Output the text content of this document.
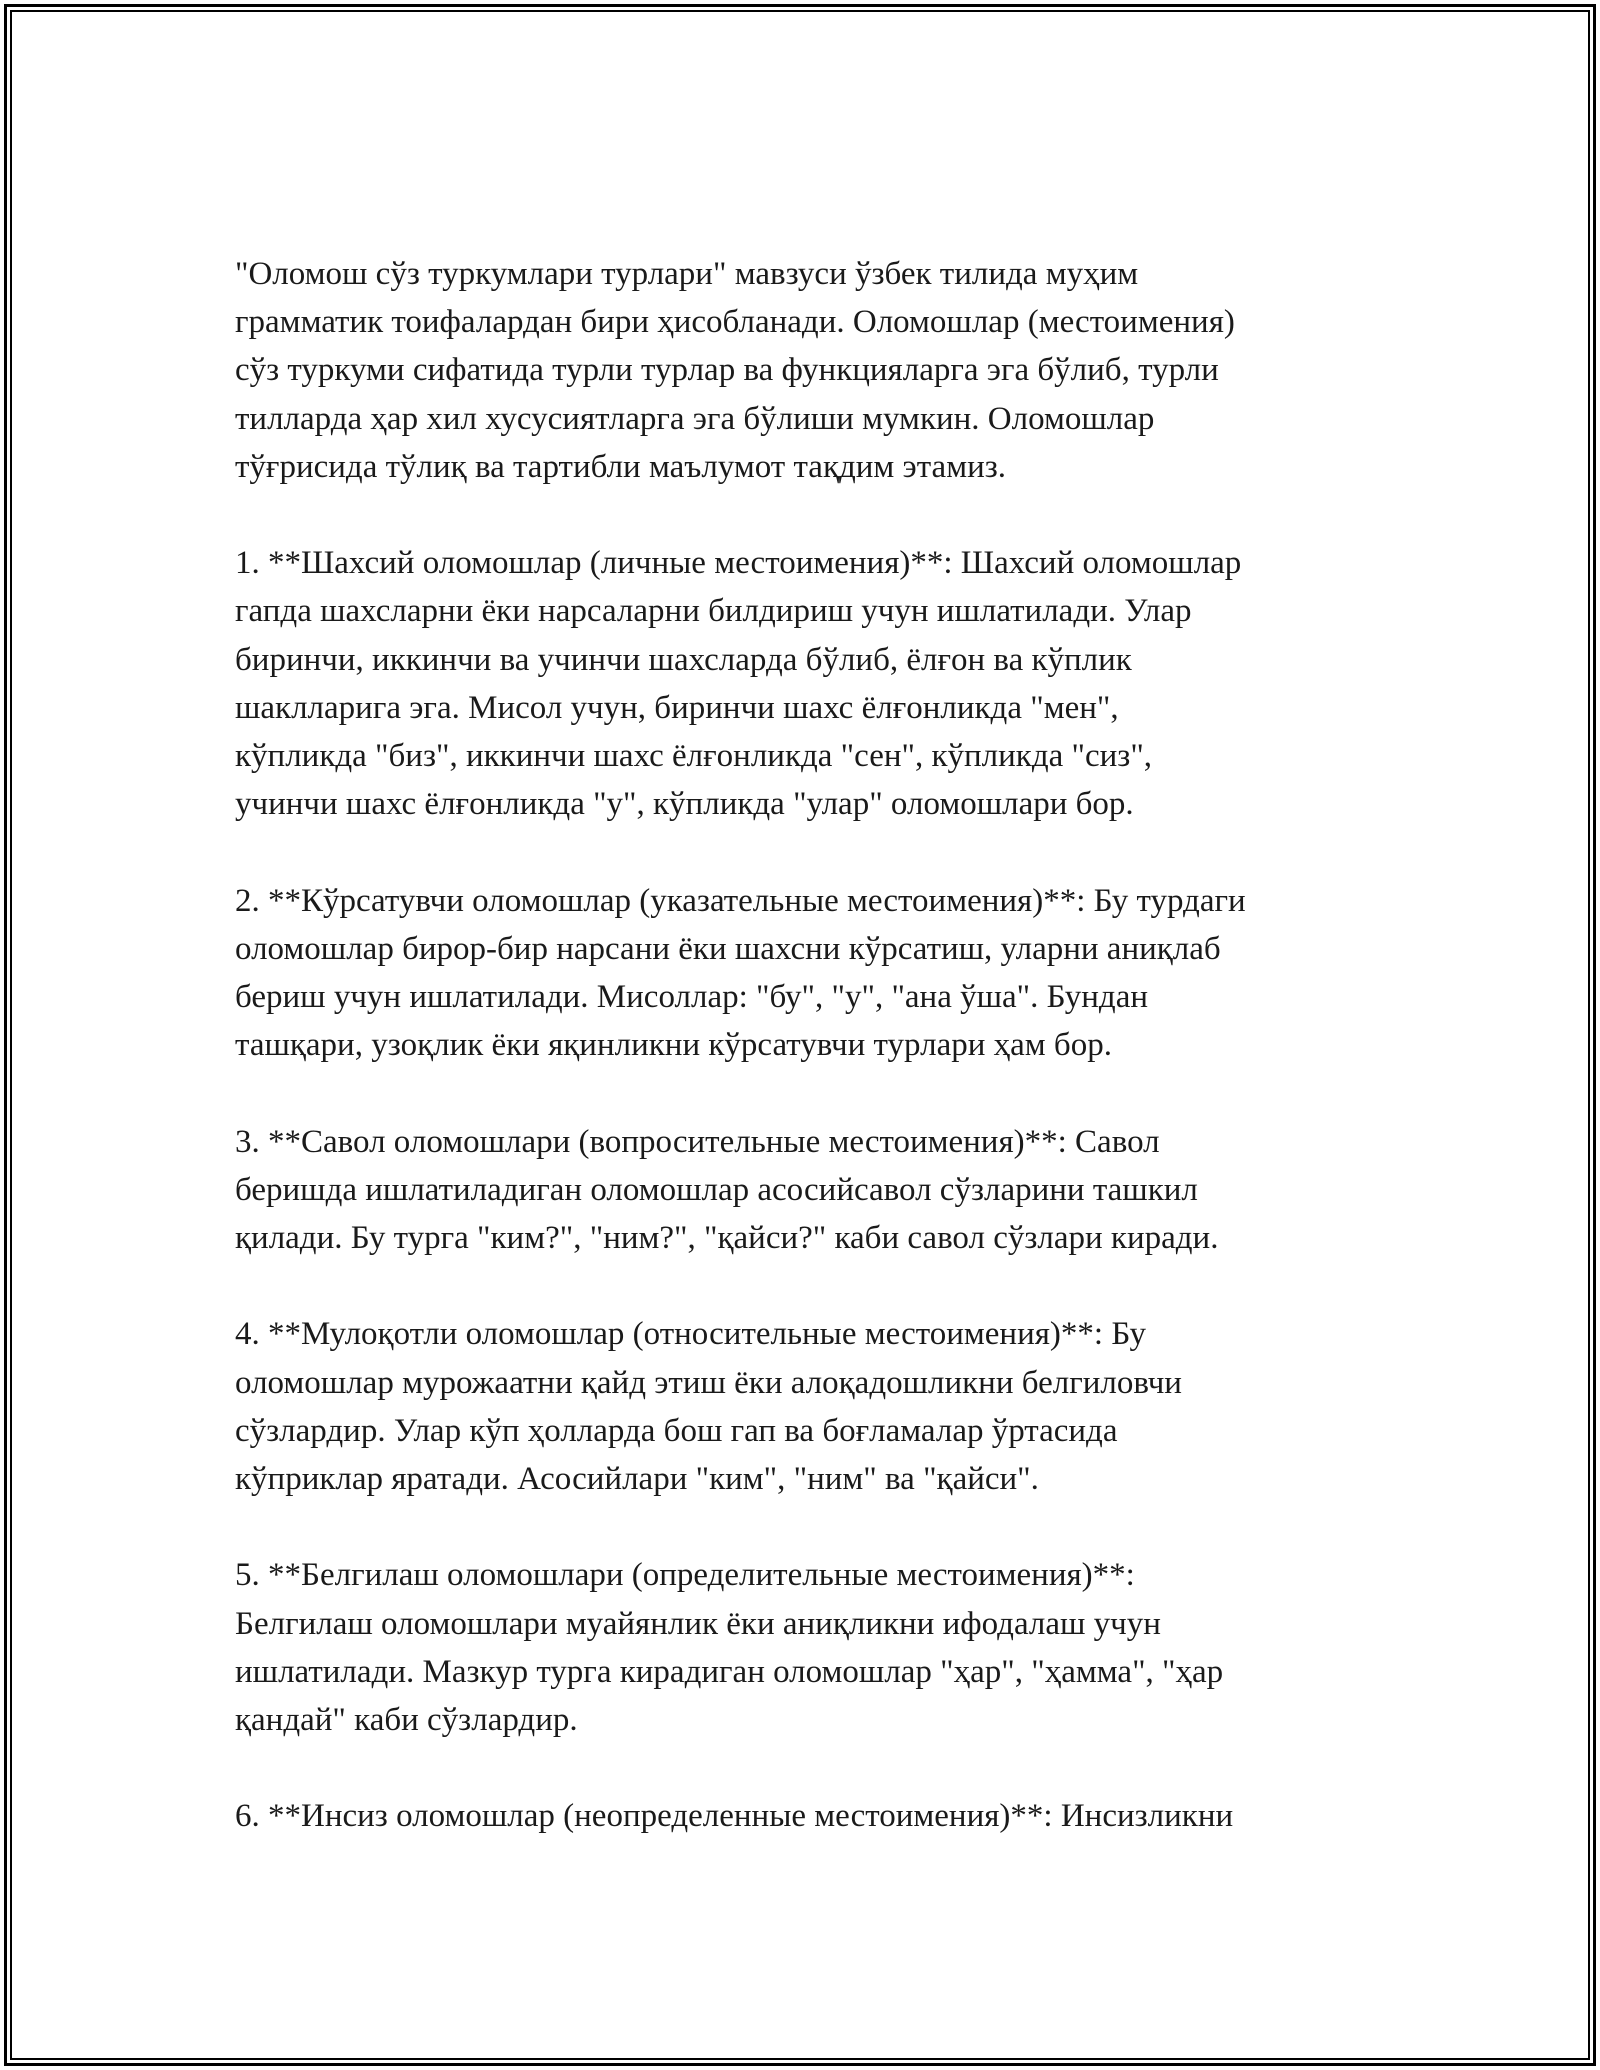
"Оломош сўз туркумлари турлари" мавзуси ўзбек тилида муҳим
грамматик тоифалардан бири ҳисобланади. Оломошлар (местоимения)
сўз туркуми сифатида турли турлар ва функцияларга эга бўлиб, турли
тилларда ҳар хил хусусиятларга эга бўлиши мумкин. Оломошлар
тўғрисида тўлиқ ва тартибли маълумот тақдим этамиз.

1. **Шахсий оломошлар (личные местоимения)**: Шахсий оломошлар
гапда шахсларни ёки нарсаларни билдириш учун ишлатилади. Улар
биринчи, иккинчи ва учинчи шахсларда бўлиб, ёлғон ва кўплик
шаклларига эга. Мисол учун, биринчи шахс ёлғонликда "мен",
кўпликда "биз", иккинчи шахс ёлғонликда "сен", кўпликда "сиз",
учинчи шахс ёлғонликда "у", кўпликда "улар" оломошлари бор.

2. **Кўрсатувчи оломошлар (указательные местоимения)**: Бу турдаги
оломошлар бирор-бир нарсани ёки шахсни кўрсатиш, уларни аниқлаб
бериш учун ишлатилади. Мисоллар: "бу", "у", "ана ўша". Бундан
ташқари, узоқлик ёки яқинликни кўрсатувчи турлари ҳам бор.

3. **Савол оломошлари (вопросительные местоимения)**: Савол
беришда ишлатиладиган оломошлар асосийсавол сўзларини ташкил
қилади. Бу турга "ким?", "ним?", "қайси?" каби савол сўзлари киради.

4. **Мулоқотли оломошлар (относительные местоимения)**: Бу
оломошлар мурожаатни қайд этиш ёки алоқадошликни белгиловчи
сўзлардир. Улар кўп ҳолларда бош гап ва боғламалар ўртасида
кўприклар яратади. Асосийлари "ким", "ним" ва "қайси".

5. **Белгилаш оломошлари (определительные местоимения)**:
Белгилаш оломошлари муайянлик ёки аниқликни ифодалаш учун
ишлатилади. Мазкур турга кирадиган оломошлар "ҳар", "ҳамма", "ҳар
қандай" каби сўзлардир.

6. **Инсиз оломошлар (неопределенные местоимения)**: Инсизликни
